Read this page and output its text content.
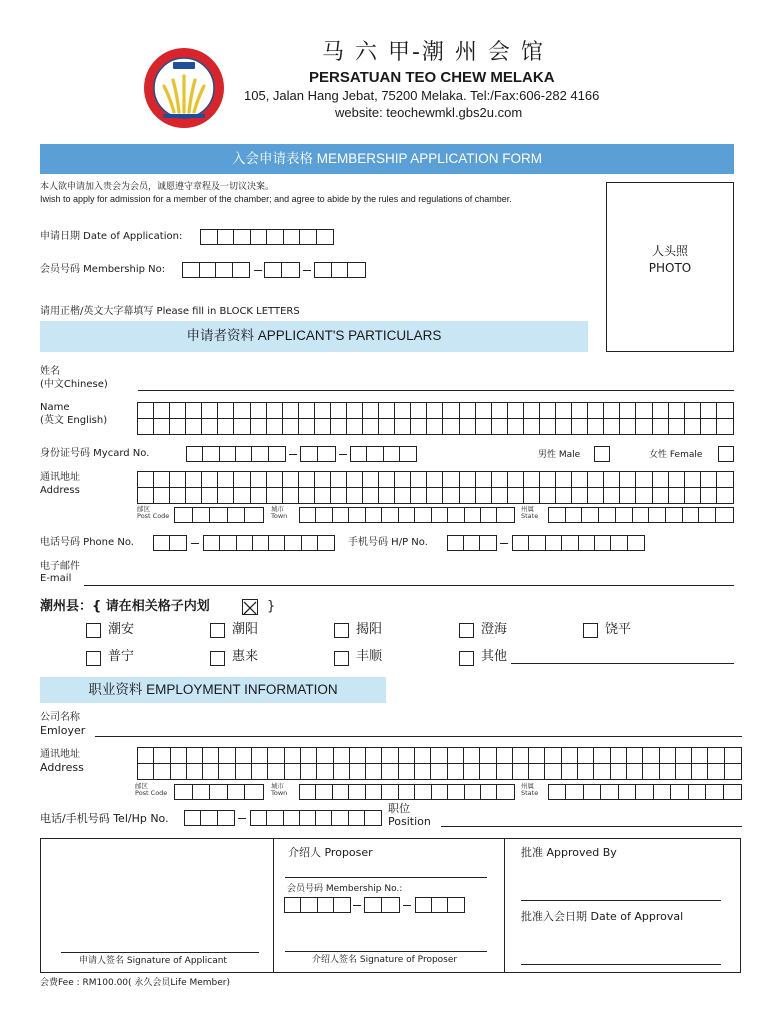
马 六 甲-潮 州 会 馆
PERSATUAN TEO CHEW MELAKA
105, Jalan Hang Jebat, 75200 Melaka. Tel:/Fax:606-282 4166
website: teochewmkl.gbs2u.com
入会申请表格 MEMBERSHIP APPLICATION FORM
本人欲申请加入贵会为会员，诚愿遵守章程及一切议决案。
Iwish to apply for admission for a member of the chamber; and agree to abide by the rules and regulations of chamber.
人头照
PHOTO
申请日期 Date of Application:
会员号码 Membership No:
请用正楷/英文大字幕填写 Please fill in BLOCK LETTERS
申请者资料 APPLICANT'S PARTICULARS
姓名
(中文Chinese)
Name
(英文 English)
身份证号码 Mycard No.	男性 Male	女性 Female
通讯地址
Address
邮区
Post Code
城市
Town
州属
State
电话号码 Phone No.	手机号码 H/P No.
电子邮件
E-mail
潮州县：{ 请在相关格子内划	}
潮安	潮阳	揭阳	澄海	饶平
普宁	惠来	丰顺	其他
职业资料 EMPLOYMENT INFORMATION
公司名称
Emloyer
通讯地址
Address
邮区
Post Code
城市
Town
州属
State
电话/手机号码 Tel/Hp No.
职位
Position
申请人签名 Signature of Applicant
介绍人 Proposer
会员号码 Membership No.:
介绍人签名 Signature of Proposer
批准 Approved By
批准入会日期 Date of Approval
会费Fee : RM100.00( 永久会员Life Member)
